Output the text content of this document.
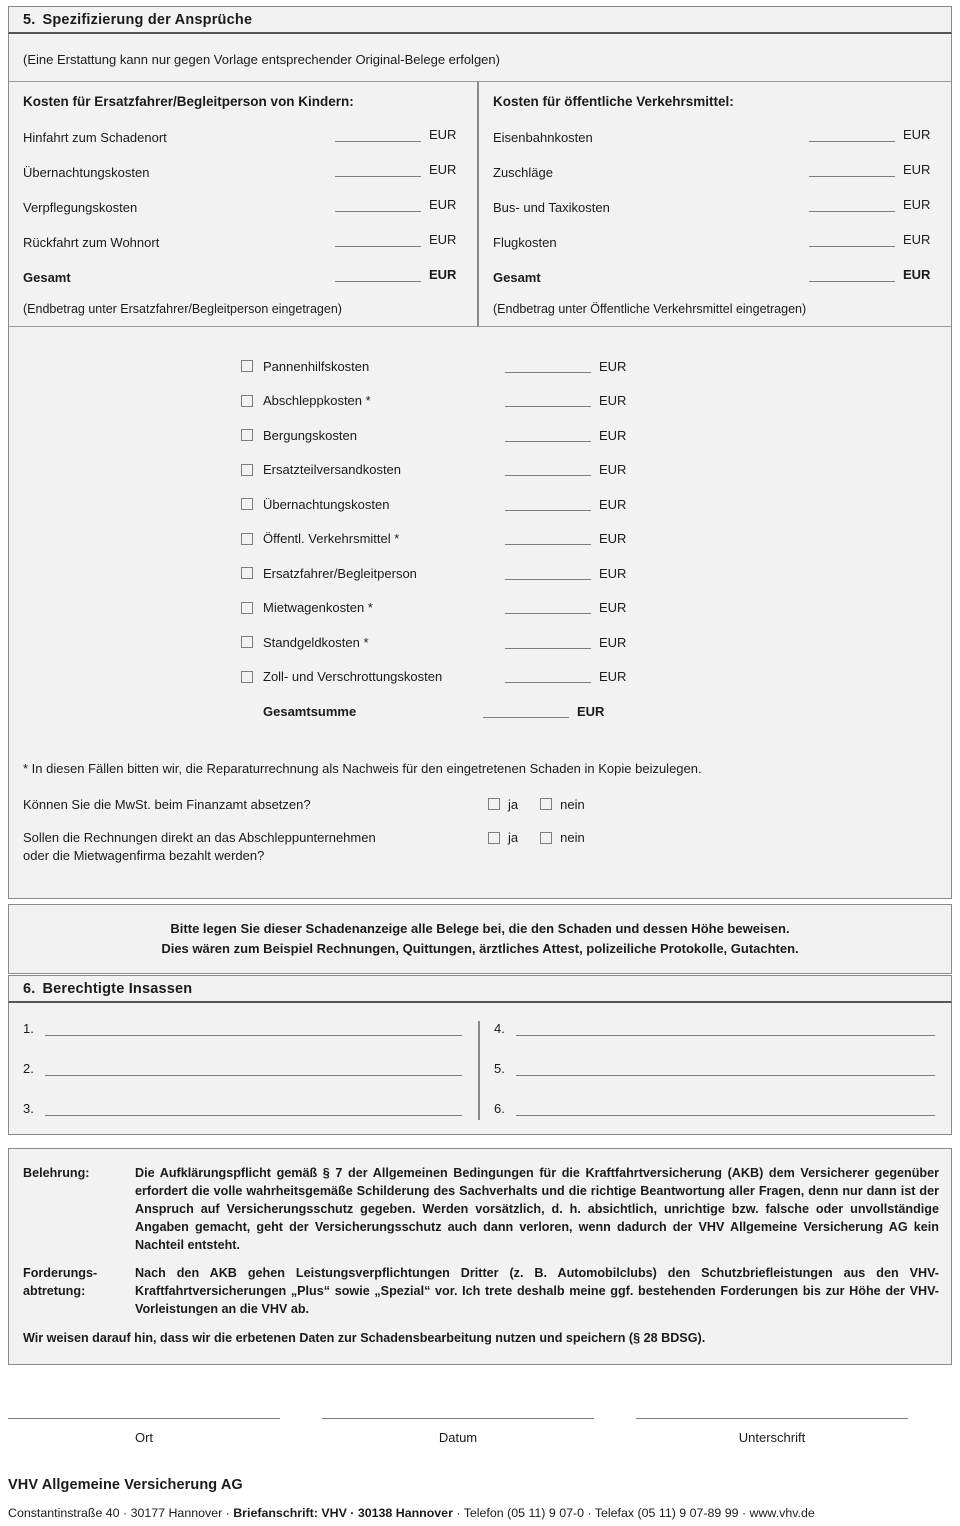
5. Spezifizierung der Ansprüche
(Eine Erstattung kann nur gegen Vorlage entsprechender Original-Belege erfolgen)
Kosten für Ersatzfahrer/Begleitperson von Kindern:
Hinfahrt zum Schadenort	EUR
Übernachtungskosten	EUR
Verpflegungskosten	EUR
Rückfahrt zum Wohnort	EUR
Gesamt	EUR
(Endbetrag unter Ersatzfahrer/Begleitperson eingetragen)
Kosten für öffentliche Verkehrsmittel:
Eisenbahnkosten	EUR
Zuschläge	EUR
Bus- und Taxikosten	EUR
Flugkosten	EUR
Gesamt	EUR
(Endbetrag unter Öffentliche Verkehrsmittel eingetragen)
Pannenhilfskosten	EUR
Abschleppkosten *	EUR
Bergungskosten	EUR
Ersatzteilversandkosten	EUR
Übernachtungskosten	EUR
Öffentl. Verkehrsmittel *	EUR
Ersatzfahrer/Begleitperson	EUR
Mietwagenkosten *	EUR
Standgeldkosten *	EUR
Zoll- und Verschrottungskosten	EUR
Gesamtsumme	EUR
* In diesen Fällen bitten wir, die Reparaturrechnung als Nachweis für den eingetretenen Schaden in Kopie beizulegen.
Können Sie die MwSt. beim Finanzamt absetzen?	ja	nein
Sollen die Rechnungen direkt an das Abschleppunternehmen
oder die Mietwagenfirma bezahlt werden?
ja	nein
Bitte legen Sie dieser Schadenanzeige alle Belege bei, die den Schaden und dessen Höhe beweisen.
Dies wären zum Beispiel Rechnungen, Quittungen, ärztliches Attest, polizeiliche Protokolle, Gutachten.
6. Berechtigte Insassen
1.
2.
3.
4.
5.
6.
Belehrung:	Die Aufklärungspflicht gemäß § 7 der Allgemeinen Bedingungen für die Kraftfahrtversicherung (AKB) dem Versicherer gegenüber erfordert die volle wahrheitsgemäße Schilderung des Sachverhalts und die richtige Beantwortung aller Fragen, denn nur dann ist der Anspruch auf Versicherungsschutz gegeben. Werden vorsätzlich, d. h. absichtlich, unrichtige bzw. falsche oder unvollständige Angaben gemacht, geht der Versicherungsschutz auch dann verloren, wenn dadurch der VHV Allgemeine Versicherung AG kein Nachteil entsteht.
Forderungs-
abtretung:
Nach den AKB gehen Leistungsverpflichtungen Dritter (z. B. Automobilclubs) den Schutzbriefleistungen aus den VHV-Kraftfahrtversicherungen „Plus“ sowie „Spezial“ vor. Ich trete deshalb meine ggf. bestehenden Forderungen bis zur Höhe der VHV-Vorleistungen an die VHV ab.
Wir weisen darauf hin, dass wir die erbetenen Daten zur Schadensbearbeitung nutzen und speichern (§ 28 BDSG).
Ort	Datum	Unterschrift
VHV Allgemeine Versicherung AG
Constantinstraße 40 · 30177 Hannover · Briefanschrift: VHV · 30138 Hannover · Telefon (05 11) 9 07-0 · Telefax (05 11) 9 07-89 99 · www.vhv.de
